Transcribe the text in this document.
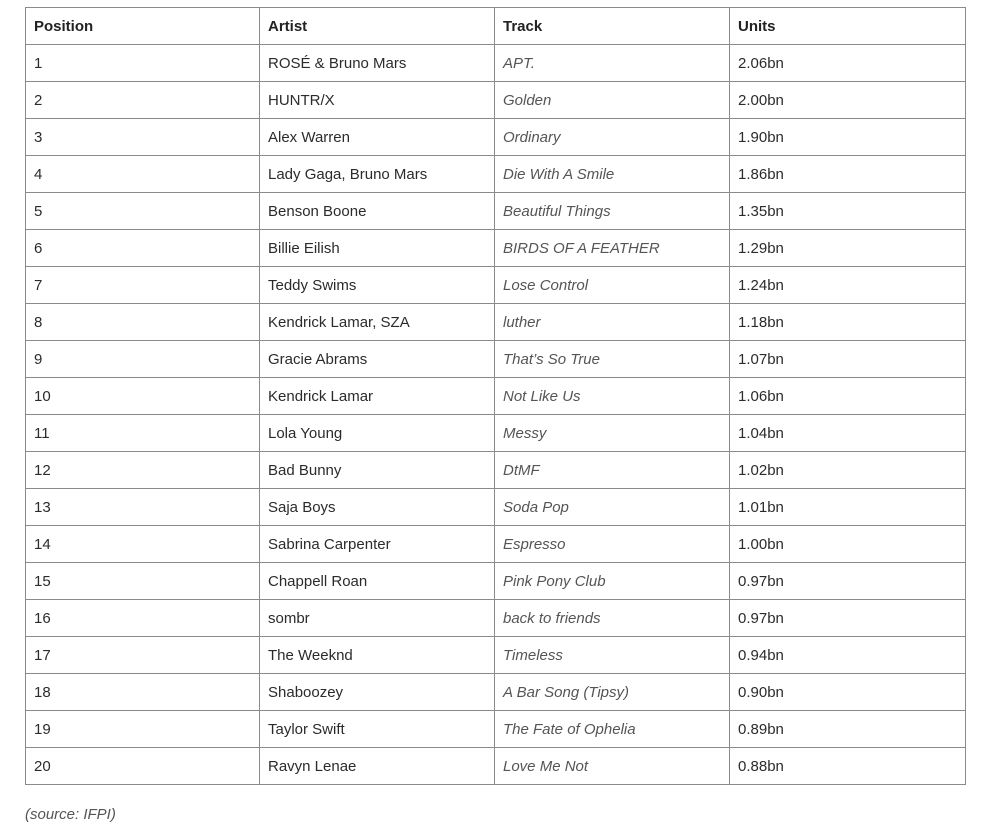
Position	Artist	Track	Units
1	ROSÉ & Bruno Mars	APT.	2.06bn
2	HUNTR/X	Golden	2.00bn
3	Alex Warren	Ordinary	1.90bn
4	Lady Gaga, Bruno Mars	Die With A Smile	1.86bn
5	Benson Boone	Beautiful Things	1.35bn
6	Billie Eilish	BIRDS OF A FEATHER	1.29bn
7	Teddy Swims	Lose Control	1.24bn
8	Kendrick Lamar, SZA	luther	1.18bn
9	Gracie Abrams	That’s So True	1.07bn
10	Kendrick Lamar	Not Like Us	1.06bn
11	Lola Young	Messy	1.04bn
12	Bad Bunny	DtMF	1.02bn
13	Saja Boys	Soda Pop	1.01bn
14	Sabrina Carpenter	Espresso	1.00bn
15	Chappell Roan	Pink Pony Club	0.97bn
16	sombr	back to friends	0.97bn
17	The Weeknd	Timeless	0.94bn
18	Shaboozey	A Bar Song (Tipsy)	0.90bn
19	Taylor Swift	The Fate of Ophelia	0.89bn
20	Ravyn Lenae	Love Me Not	0.88bn
(source: IFPI)
